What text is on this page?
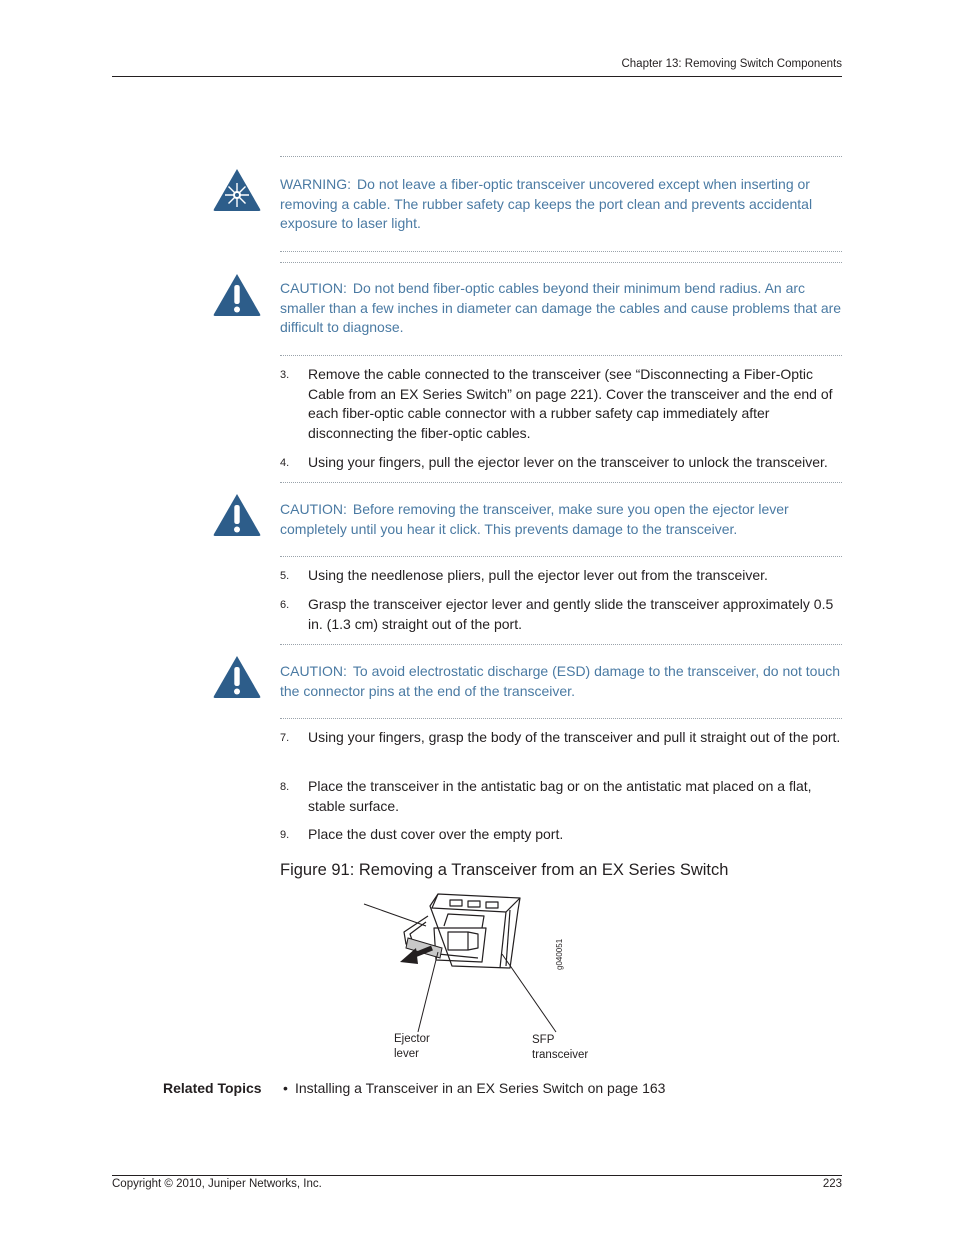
Chapter 13: Removing Switch Components
WARNING: Do not leave a fiber-optic transceiver uncovered except when inserting or removing a cable. The rubber safety cap keeps the port clean and prevents accidental exposure to laser light.
CAUTION: Do not bend fiber-optic cables beyond their minimum bend radius. An arc smaller than a few inches in diameter can damage the cables and cause problems that are difficult to diagnose.
3. Remove the cable connected to the transceiver (see “Disconnecting a Fiber-Optic Cable from an EX Series Switch” on page 221). Cover the transceiver and the end of each fiber-optic cable connector with a rubber safety cap immediately after disconnecting the fiber-optic cables.
4. Using your fingers, pull the ejector lever on the transceiver to unlock the transceiver.
CAUTION: Before removing the transceiver, make sure you open the ejector lever completely until you hear it click. This prevents damage to the transceiver.
5. Using the needlenose pliers, pull the ejector lever out from the transceiver.
6. Grasp the transceiver ejector lever and gently slide the transceiver approximately 0.5 in. (1.3 cm) straight out of the port.
CAUTION: To avoid electrostatic discharge (ESD) damage to the transceiver, do not touch the connector pins at the end of the transceiver.
7. Using your fingers, grasp the body of the transceiver and pull it straight out of the port.
8. Place the transceiver in the antistatic bag or on the antistatic mat placed on a flat, stable surface.
9. Place the dust cover over the empty port.
Figure 91: Removing a Transceiver from an EX Series Switch
g040051
Ejector
lever
SFP
transceiver
Related Topics • Installing a Transceiver in an EX Series Switch on page 163
Copyright © 2010, Juniper Networks, Inc.	223
